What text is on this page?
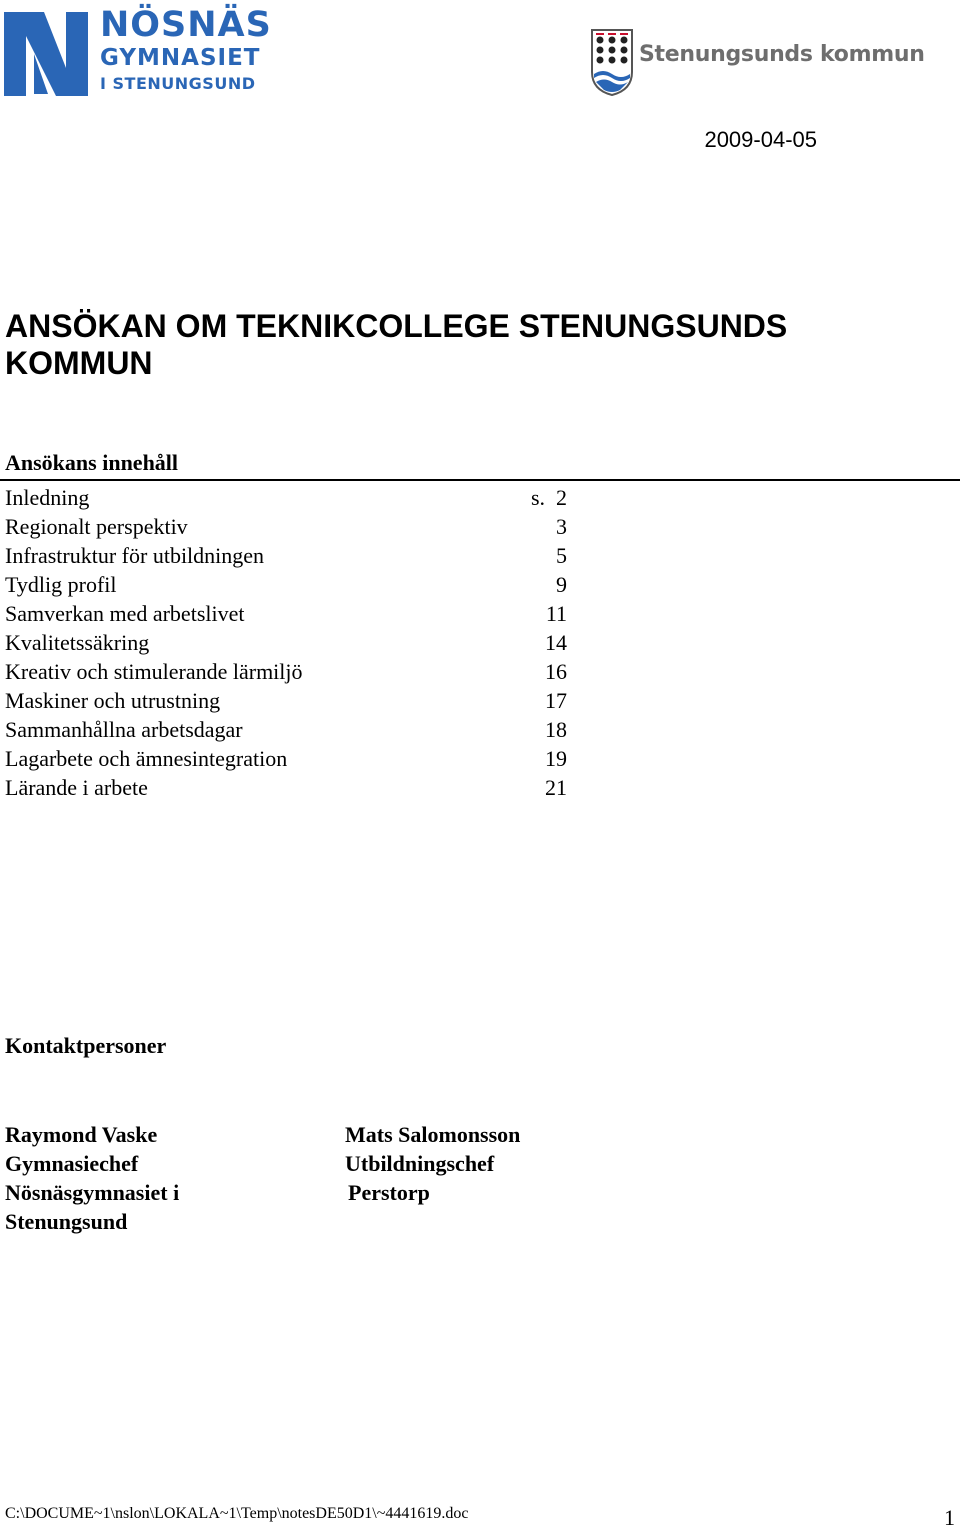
NÖSNÄS
GYMNASIET
I STENUNGSUND
Stenungsunds kommun
2009-04-05
ANSÖKAN OM TEKNIKCOLLEGE STENUNGSUNDS KOMMUN
Ansökans innehåll
Inledning	s.  2
Regionalt perspektiv	3
Infrastruktur för utbildningen	5
Tydlig profil	9
Samverkan med arbetslivet	11
Kvalitetssäkring	14
Kreativ och stimulerande lärmiljö	16
Maskiner och utrustning	17
Sammanhållna arbetsdagar	18
Lagarbete och ämnesintegration	19
Lärande i arbete	21
Kontaktpersoner
Raymond Vaske
Gymnasiechef
Nösnäsgymnasiet i
Stenungsund
Mats Salomonsson
Utbildningschef
Perstorp
C:\DOCUME~1\nslon\LOKALA~1\Temp\notesDE50D1\~4441619.doc	1
